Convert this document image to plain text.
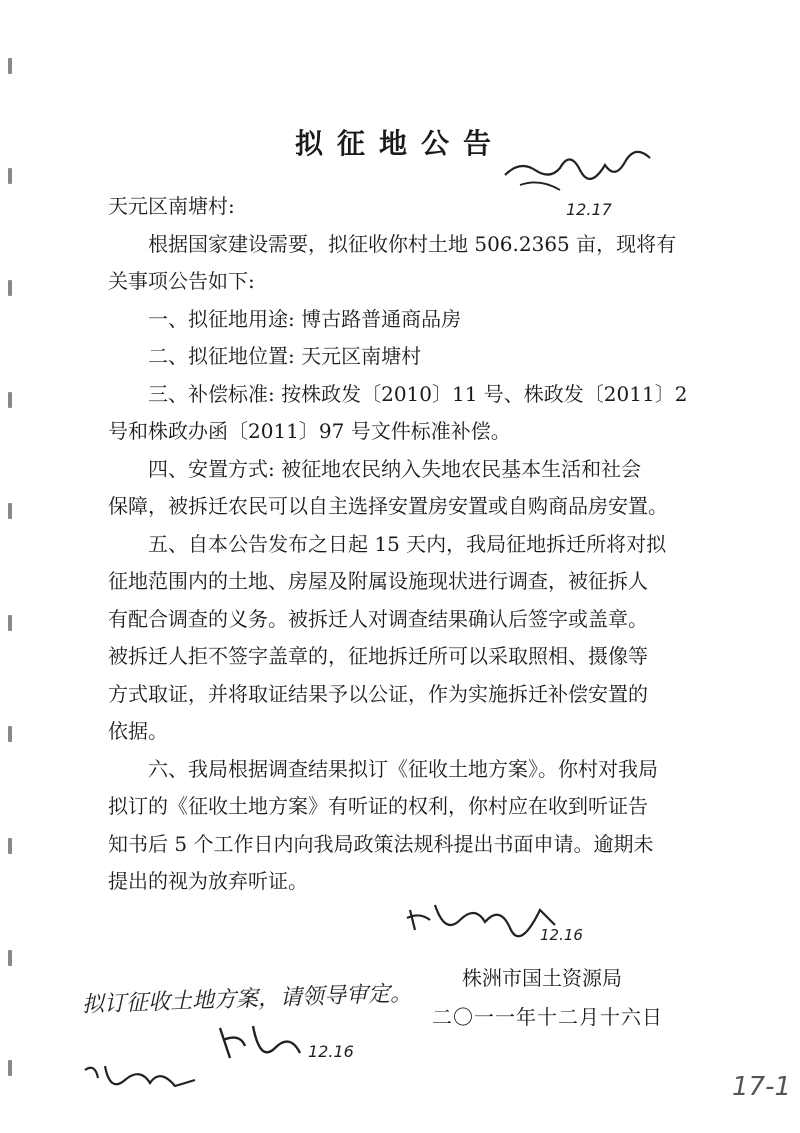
拟征地公告
12.17
天元区南塘村:
根据国家建设需要，拟征收你村土地 506.2365 亩，现将有
关事项公告如下:
一、拟征地用途: 博古路普通商品房
二、拟征地位置: 天元区南塘村
三、补偿标准: 按株政发〔2010〕11 号、株政发〔2011〕2
号和株政办函〔2011〕97 号文件标准补偿。
四、安置方式: 被征地农民纳入失地农民基本生活和社会
保障，被拆迁农民可以自主选择安置房安置或自购商品房安置。
五、自本公告发布之日起 15 天内，我局征地拆迁所将对拟
征地范围内的土地、房屋及附属设施现状进行调查，被征拆人
有配合调查的义务。被拆迁人对调查结果确认后签字或盖章。
被拆迁人拒不签字盖章的，征地拆迁所可以采取照相、摄像等
方式取证，并将取证结果予以公证，作为实施拆迁补偿安置的
依据。
六、我局根据调查结果拟订《征收土地方案》。你村对我局
拟订的《征收土地方案》有听证的权利，你村应在收到听证告
知书后 5 个工作日内向我局政策法规科提出书面申请。逾期未
提出的视为放弃听证。
12.16
株洲市国土资源局
二〇一一年十二月十六日
拟订征收土地方案，请领导审定。
12.16
17-1
